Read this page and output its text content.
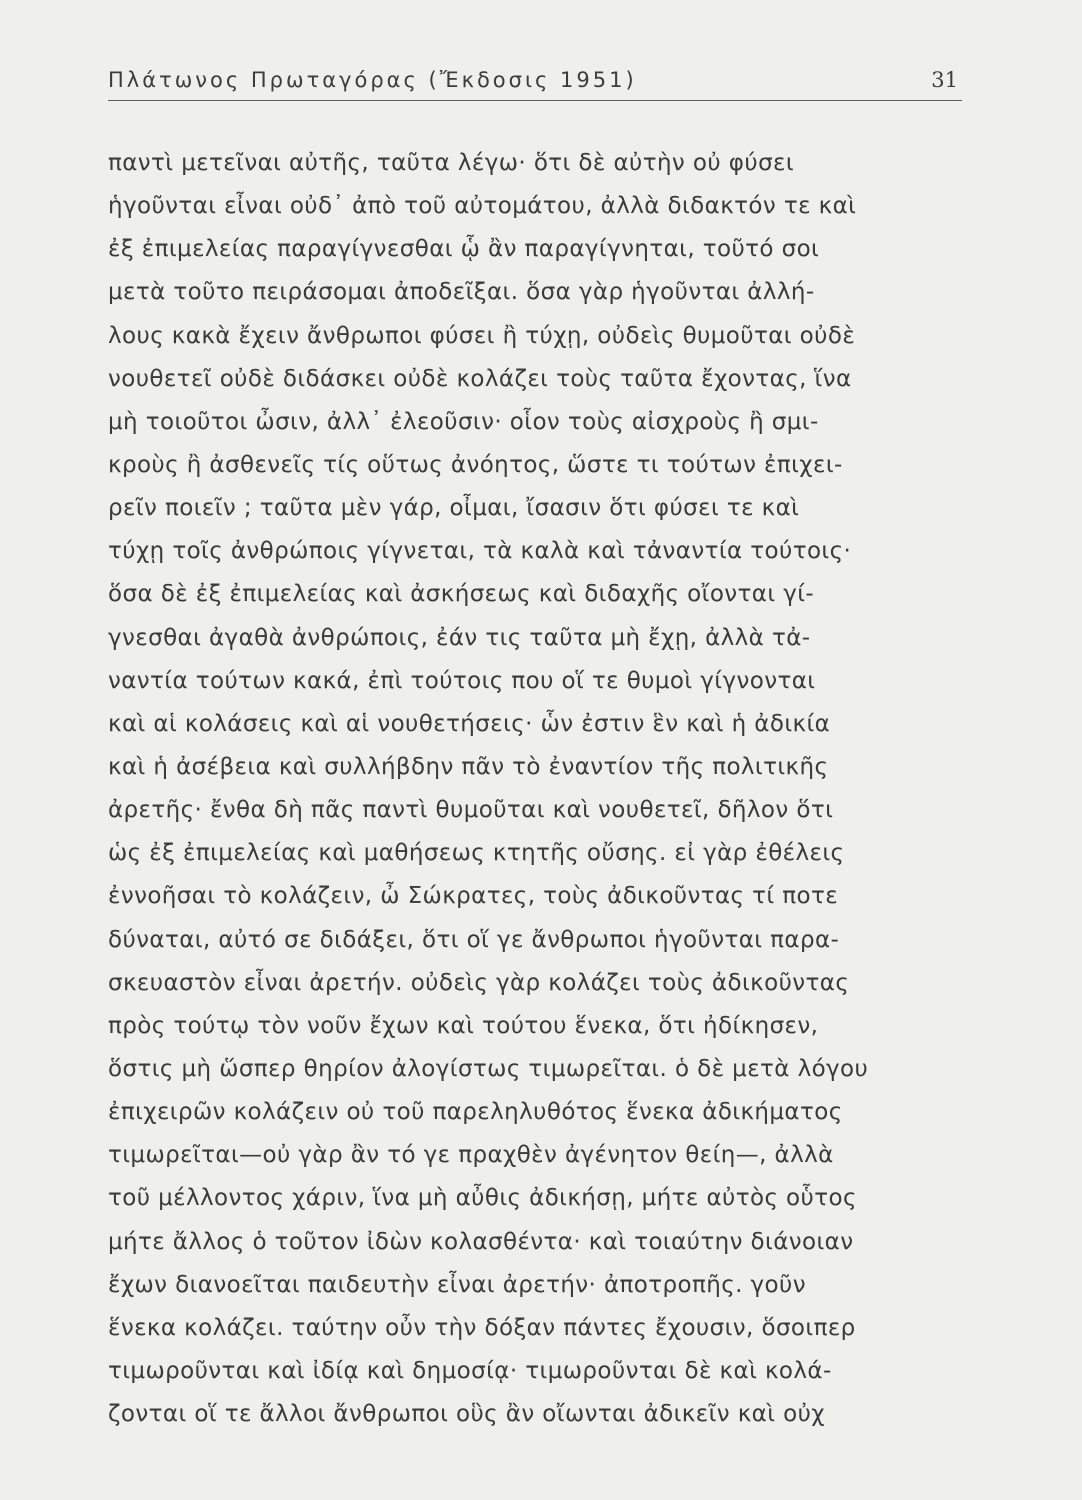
Πλάτωνος Πρωταγόρας (Ἔκδοσις 1951)	31
παντὶ μετεῖναι αὐτῆς, ταῦτα λέγω· ὅτι δὲ αὐτὴν οὐ φύσει
ἡγοῦνται εἶναι οὐδ᾽ ἀπὸ τοῦ αὐτομάτου, ἀλλὰ διδακτόν τε καὶ
ἐξ ἐπιμελείας παραγίγνεσθαι ᾧ ἂν παραγίγνηται, τοῦτό σοι
μετὰ τοῦτο πειράσομαι ἀποδεῖξαι. ὅσα γὰρ ἡγοῦνται ἀλλή-
λους κακὰ ἔχειν ἄνθρωποι φύσει ἢ τύχῃ, οὐδεὶς θυμοῦται οὐδὲ
νουθετεῖ οὐδὲ διδάσκει οὐδὲ κολάζει τοὺς ταῦτα ἔχοντας, ἵνα
μὴ τοιοῦτοι ὦσιν, ἀλλ᾽ ἐλεοῦσιν· οἷον τοὺς αἰσχροὺς ἢ σμι-
κροὺς ἢ ἀσθενεῖς τίς οὕτως ἀνόητος, ὥστε τι τούτων ἐπιχει-
ρεῖν ποιεῖν ; ταῦτα μὲν γάρ, οἶμαι, ἴσασιν ὅτι φύσει τε καὶ
τύχῃ τοῖς ἀνθρώποις γίγνεται, τὰ καλὰ καὶ τἀναντία τούτοις·
ὅσα δὲ ἐξ ἐπιμελείας καὶ ἀσκήσεως καὶ διδαχῆς οἴονται γί-
γνεσθαι ἀγαθὰ ἀνθρώποις, ἐάν τις ταῦτα μὴ ἔχῃ, ἀλλὰ τἀ-
ναντία τούτων κακά, ἐπὶ τούτοις που οἵ τε θυμοὶ γίγνονται
καὶ αἱ κολάσεις καὶ αἱ νουθετήσεις· ὧν ἐστιν ἓν καὶ ἡ ἀδικία
καὶ ἡ ἀσέβεια καὶ συλλήβδην πᾶν τὸ ἐναντίον τῆς πολιτικῆς
ἀρετῆς· ἔνθα δὴ πᾶς παντὶ θυμοῦται καὶ νουθετεῖ, δῆλον ὅτι
ὡς ἐξ ἐπιμελείας καὶ μαθήσεως κτητῆς οὔσης. εἰ γὰρ ἐθέλεις
ἐννοῆσαι τὸ κολάζειν, ὦ Σώκρατες, τοὺς ἀδικοῦντας τί ποτε
δύναται, αὐτό σε διδάξει, ὅτι οἵ γε ἄνθρωποι ἡγοῦνται παρα-
σκευαστὸν εἶναι ἀρετήν. οὐδεὶς γὰρ κολάζει τοὺς ἀδικοῦντας
πρὸς τούτῳ τὸν νοῦν ἔχων καὶ τούτου ἕνεκα, ὅτι ἠδίκησεν,
ὅστις μὴ ὥσπερ θηρίον ἀλογίστως τιμωρεῖται. ὁ δὲ μετὰ λόγου
ἐπιχειρῶν κολάζειν οὐ τοῦ παρεληλυθότος ἕνεκα ἀδικήματος
τιμωρεῖται—οὐ γὰρ ἂν τό γε πραχθὲν ἀγένητον θείη—, ἀλλὰ
τοῦ μέλλοντος χάριν, ἵνα μὴ αὖθις ἀδικήσῃ, μήτε αὐτὸς οὗτος
μήτε ἄλλος ὁ τοῦτον ἰδὼν κολασθέντα· καὶ τοιαύτην διάνοιαν
ἔχων διανοεῖται παιδευτὴν εἶναι ἀρετήν· ἀποτροπῆς. γοῦν
ἕνεκα κολάζει. ταύτην οὖν τὴν δόξαν πάντες ἔχουσιν, ὅσοιπερ
τιμωροῦνται καὶ ἰδίᾳ καὶ δημοσίᾳ· τιμωροῦνται δὲ καὶ κολά-
ζονται οἵ τε ἄλλοι ἄνθρωποι οὓς ἂν οἴωνται ἀδικεῖν καὶ οὐχ
